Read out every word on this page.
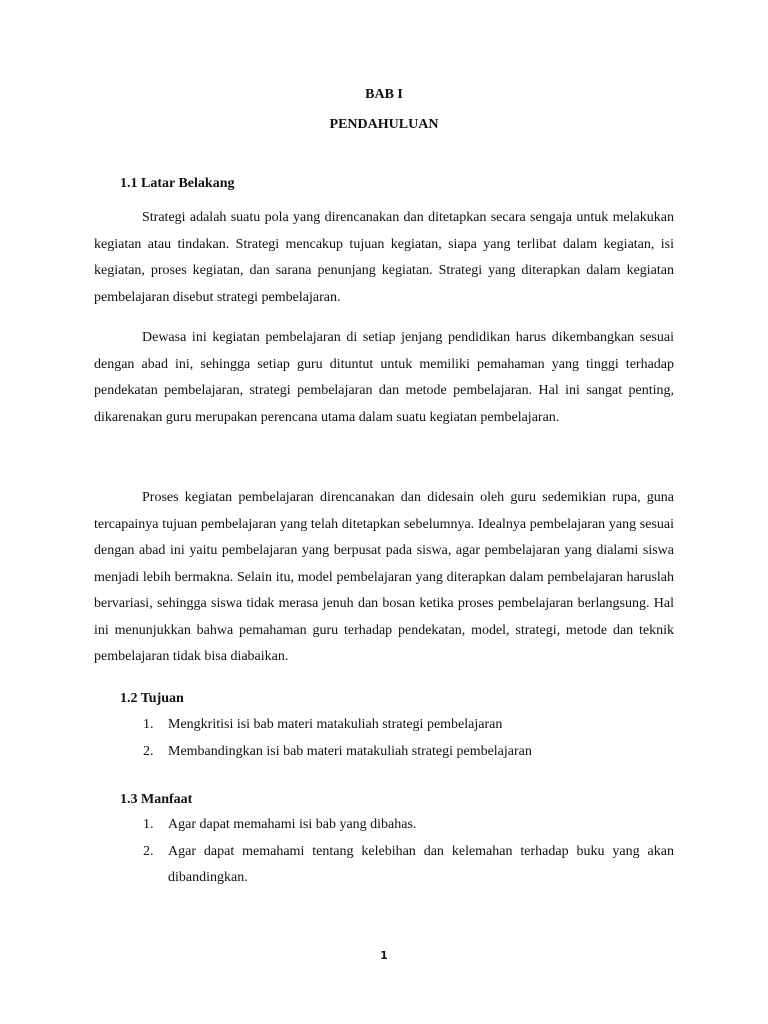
BAB I
PENDAHULUAN
1.1 Latar Belakang

Strategi adalah suatu pola yang direncanakan dan ditetapkan secara sengaja untuk melakukan kegiatan atau tindakan. Strategi mencakup tujuan kegiatan, siapa yang terlibat dalam kegiatan, isi kegiatan, proses kegiatan, dan sarana penunjang kegiatan. Strategi yang diterapkan dalam kegiatan pembelajaran disebut strategi pembelajaran.

Dewasa ini kegiatan pembelajaran di setiap jenjang pendidikan harus dikembangkan sesuai dengan abad ini, sehingga setiap guru dituntut untuk memiliki pemahaman yang tinggi terhadap pendekatan pembelajaran, strategi pembelajaran dan metode pembelajaran. Hal ini sangat penting, dikarenakan guru merupakan perencana utama dalam suatu kegiatan pembelajaran.

Proses kegiatan pembelajaran direncanakan dan didesain oleh guru sedemikian rupa, guna tercapainya tujuan pembelajaran yang telah ditetapkan sebelumnya. Idealnya pembelajaran yang sesuai dengan abad ini yaitu pembelajaran yang berpusat pada siswa, agar pembelajaran yang dialami siswa menjadi lebih bermakna. Selain itu, model pembelajaran yang diterapkan dalam pembelajaran haruslah bervariasi, sehingga siswa tidak merasa jenuh dan bosan ketika proses pembelajaran berlangsung. Hal ini menunjukkan bahwa pemahaman guru terhadap pendekatan, model, strategi, metode dan teknik pembelajaran tidak bisa diabaikan.

1.2 Tujuan
1. Mengkritisi isi bab materi matakuliah strategi pembelajaran
2. Membandingkan isi bab materi matakuliah strategi pembelajaran
1.3 Manfaat
1. Agar dapat memahami isi bab yang dibahas.
2. Agar dapat memahami tentang kelebihan dan kelemahan terhadap buku yang akan dibandingkan.
1
